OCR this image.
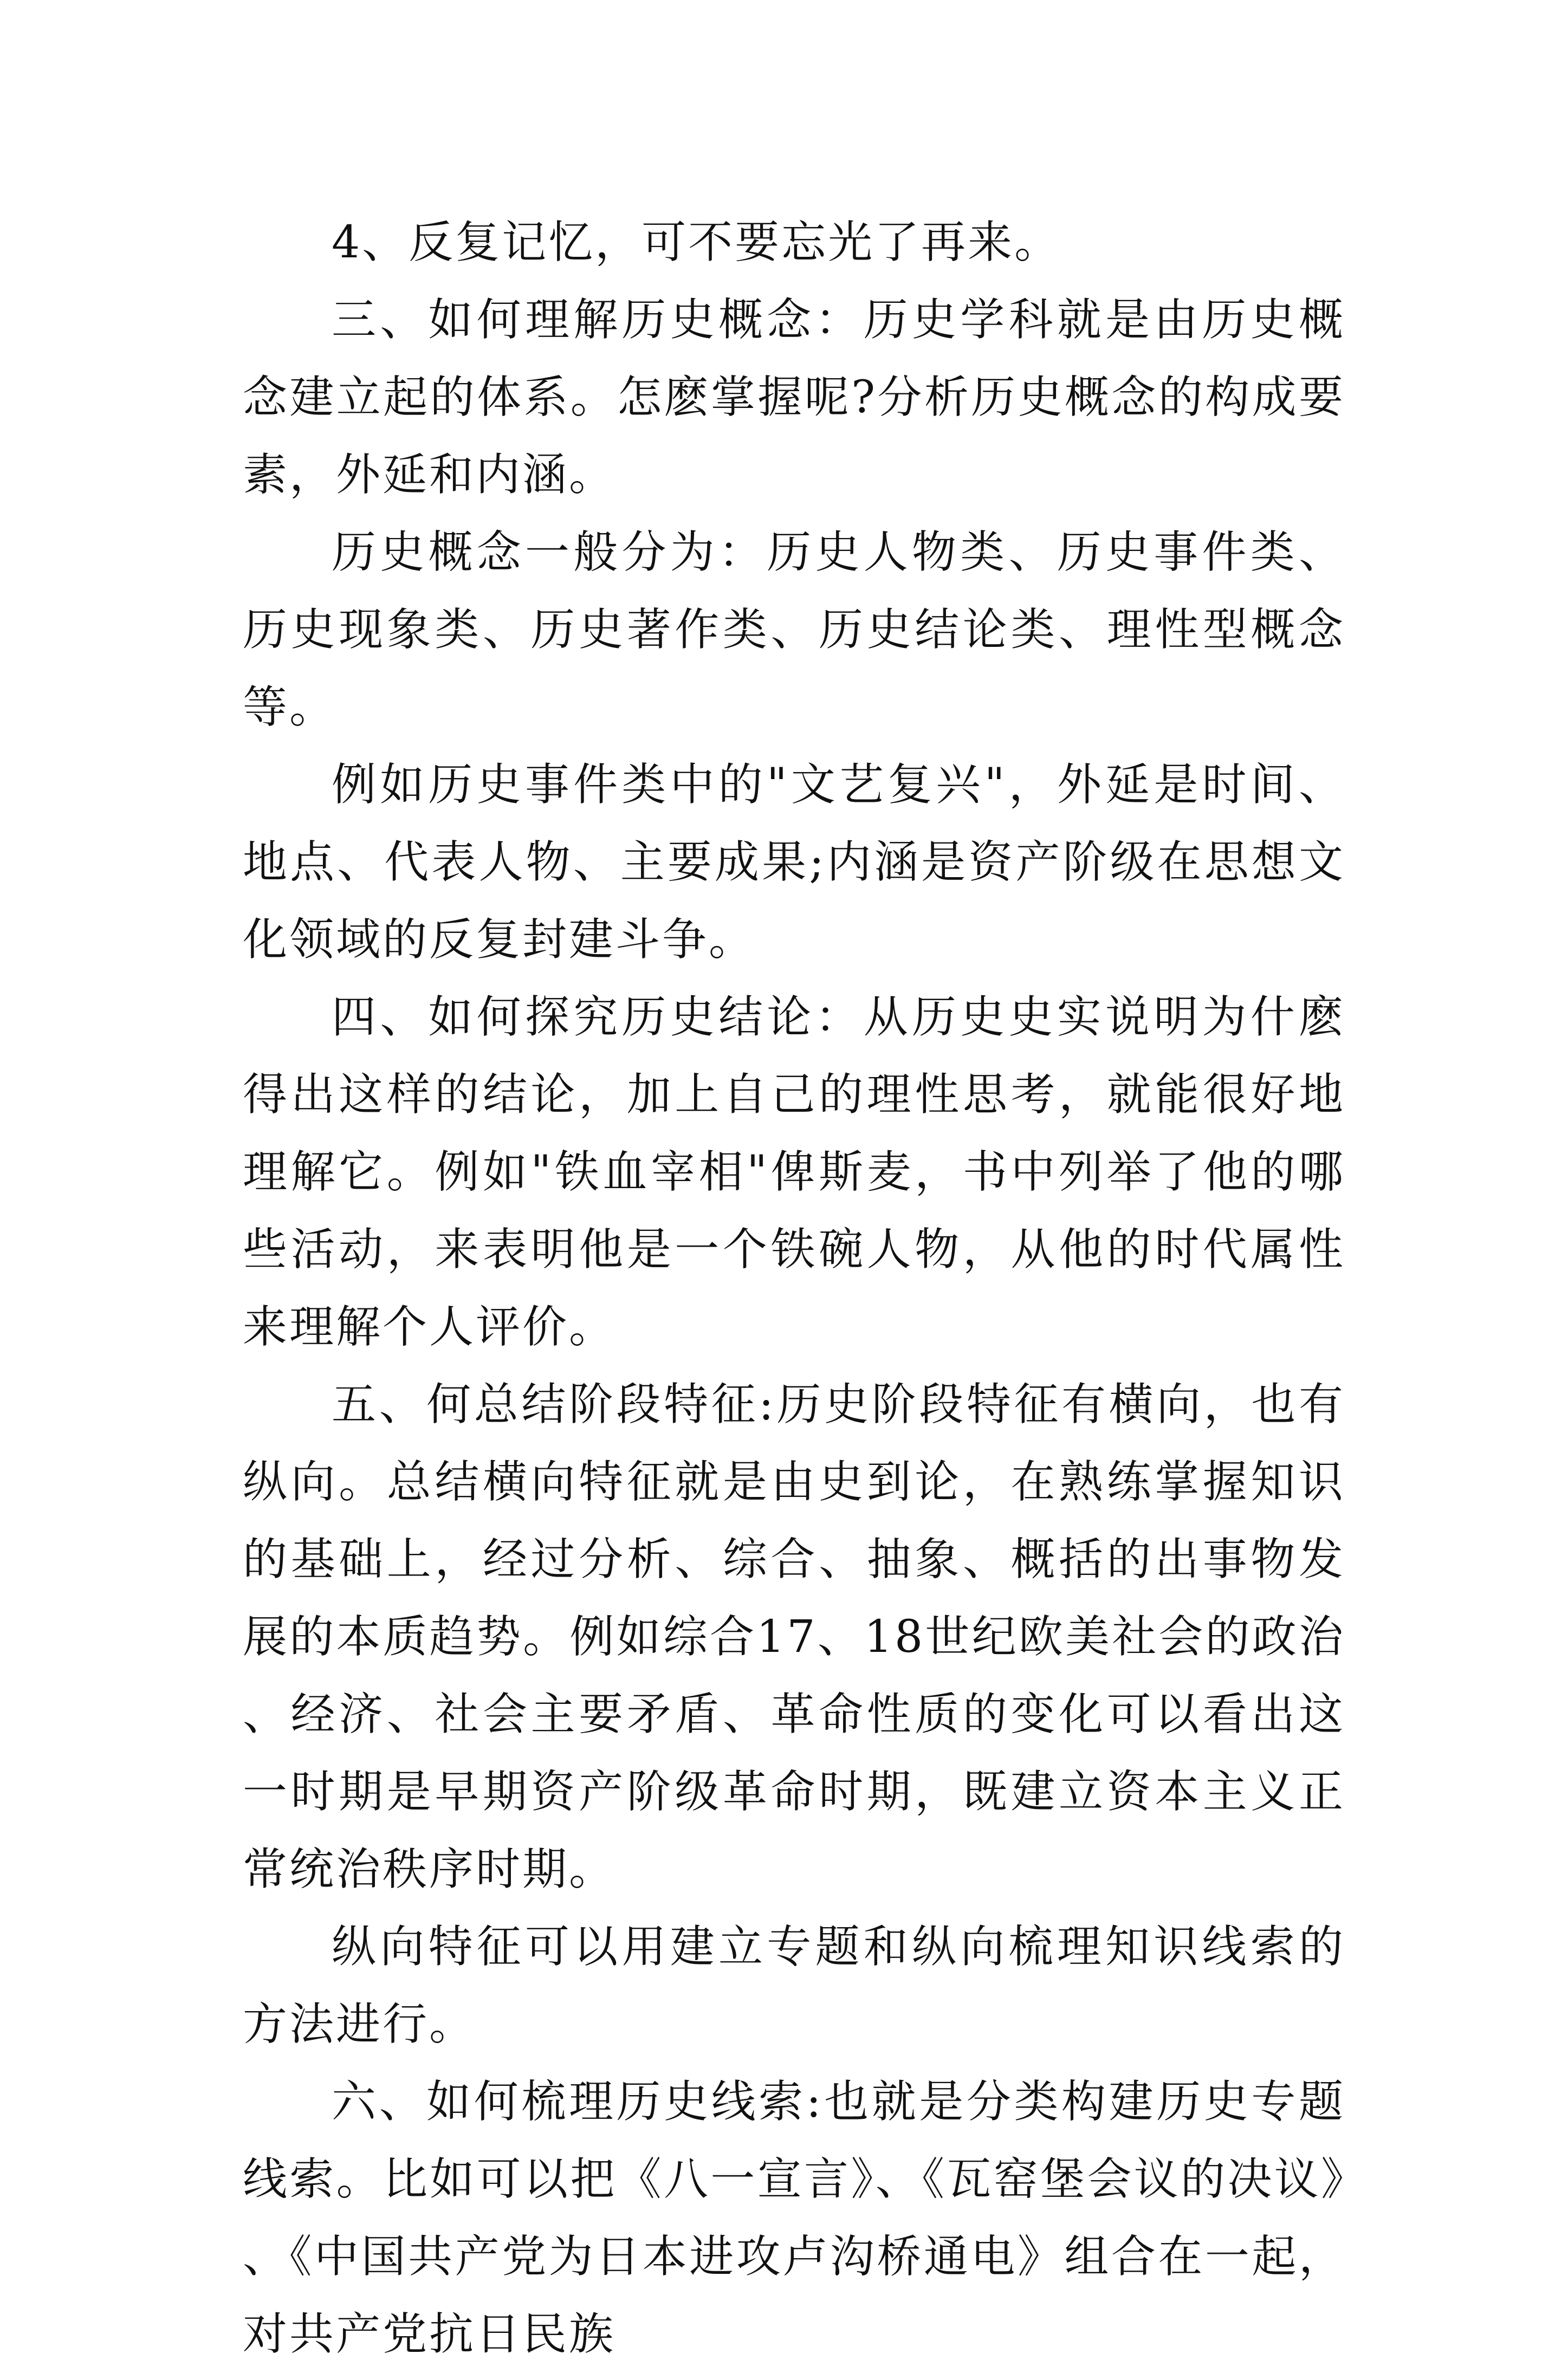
4、反复记忆，可不要忘光了再来。

三、如何理解历史概念：历史学科就是由历史概念建立起的体系。怎麽掌握呢?分析历史概念的构成要素，外延和内涵。

历史概念一般分为：历史人物类、历史事件类、历史现象类、历史著作类、历史结论类、理性型概念等。

例如历史事件类中的"文艺复兴"，外延是时间、地点、代表人物、主要成果;内涵是资产阶级在思想文化领域的反复封建斗争。

四、如何探究历史结论：从历史史实说明为什麽得出这样的结论，加上自己的理性思考，就能很好地理解它。例如"铁血宰相"俾斯麦，书中列举了他的哪些活动，来表明他是一个铁碗人物，从他的时代属性来理解个人评价。

五、何总结阶段特征:历史阶段特征有横向，也有纵向。总结横向特征就是由史到论，在熟练掌握知识的基础上，经过分析、综合、抽象、概括的出事物发展的本质趋势。例如综合17、18世纪欧美社会的政治、经济、社会主要矛盾、革命性质的变化可以看出这一时期是早期资产阶级革命时期，既建立资本主义正常统治秩序时期。

纵向特征可以用建立专题和纵向梳理知识线索的方法进行。

六、如何梳理历史线索:也就是分类构建历史专题线索。比如可以把《八一宣言》、《瓦窑堡会议的决议》、《中国共产党为日本进攻卢沟桥通电》组合在一起，对共产党抗日民族
